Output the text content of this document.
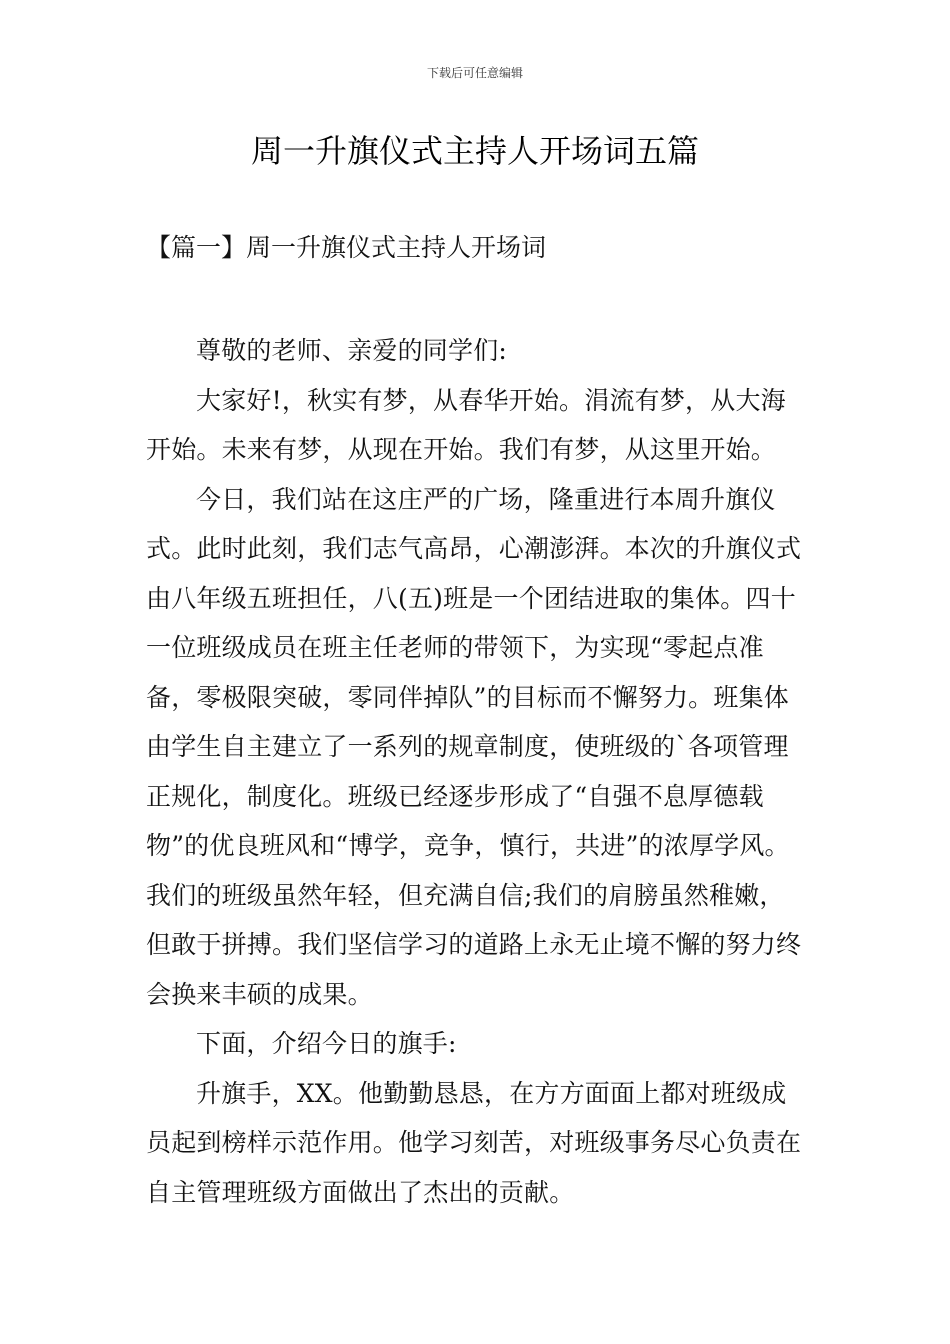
下载后可任意编辑
周一升旗仪式主持人开场词五篇
【篇一】周一升旗仪式主持人开场词

尊敬的老师、亲爱的同学们:

大家好!，秋实有梦，从春华开始。涓流有梦，从大海开始。未来有梦，从现在开始。我们有梦，从这里开始。

今日，我们站在这庄严的广场，隆重进行本周升旗仪式。此时此刻，我们志气高昂，心潮澎湃。本次的升旗仪式由八年级五班担任，八(五)班是一个团结进取的集体。四十一位班级成员在班主任老师的带领下，为实现“零起点准备，零极限突破，零同伴掉队”的目标而不懈努力。班集体由学生自主建立了一系列的规章制度，使班级的`各项管理正规化，制度化。班级已经逐步形成了“自强不息厚德载物”的优良班风和“博学，竞争，慎行，共进”的浓厚学风。我们的班级虽然年轻，但充满自信;我们的肩膀虽然稚嫩，但敢于拼搏。我们坚信学习的道路上永无止境不懈的努力终会换来丰硕的成果。

下面，介绍今日的旗手:

升旗手，XX。他勤勤恳恳，在方方面面上都对班级成员起到榜样示范作用。他学习刻苦，对班级事务尽心负责在自主管理班级方面做出了杰出的贡献。
